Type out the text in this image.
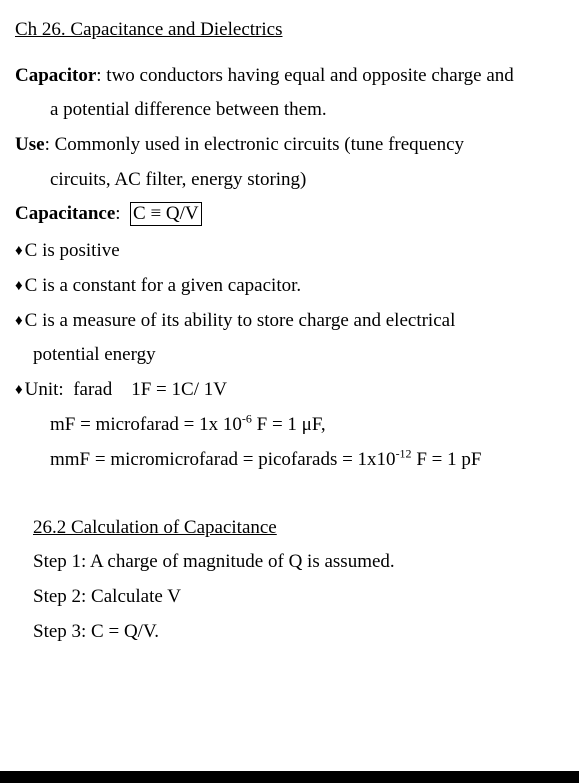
Ch 26. Capacitance and Dielectrics
Capacitor: two conductors having equal and opposite charge and
a potential difference between them.
Use: Commonly used in electronic circuits (tune frequency
circuits, AC filter, energy storing)
Capacitance: C ≡ Q/V
♦ C is positive
♦ C is a constant for a given capacitor.
♦ C is a measure of its ability to store charge and electrical
potential energy
♦ Unit:  farad    1F = 1C/ 1V
mF = microfarad = 1x $10^{-6}$ F = 1 μF,
mmF = micromicrofarad = picofarads = $1x10^{-12}$ F = 1 pF
26.2 Calculation of Capacitance
Step 1: A charge of magnitude of Q is assumed.
Step 2: Calculate V
Step 3: C = Q/V.
